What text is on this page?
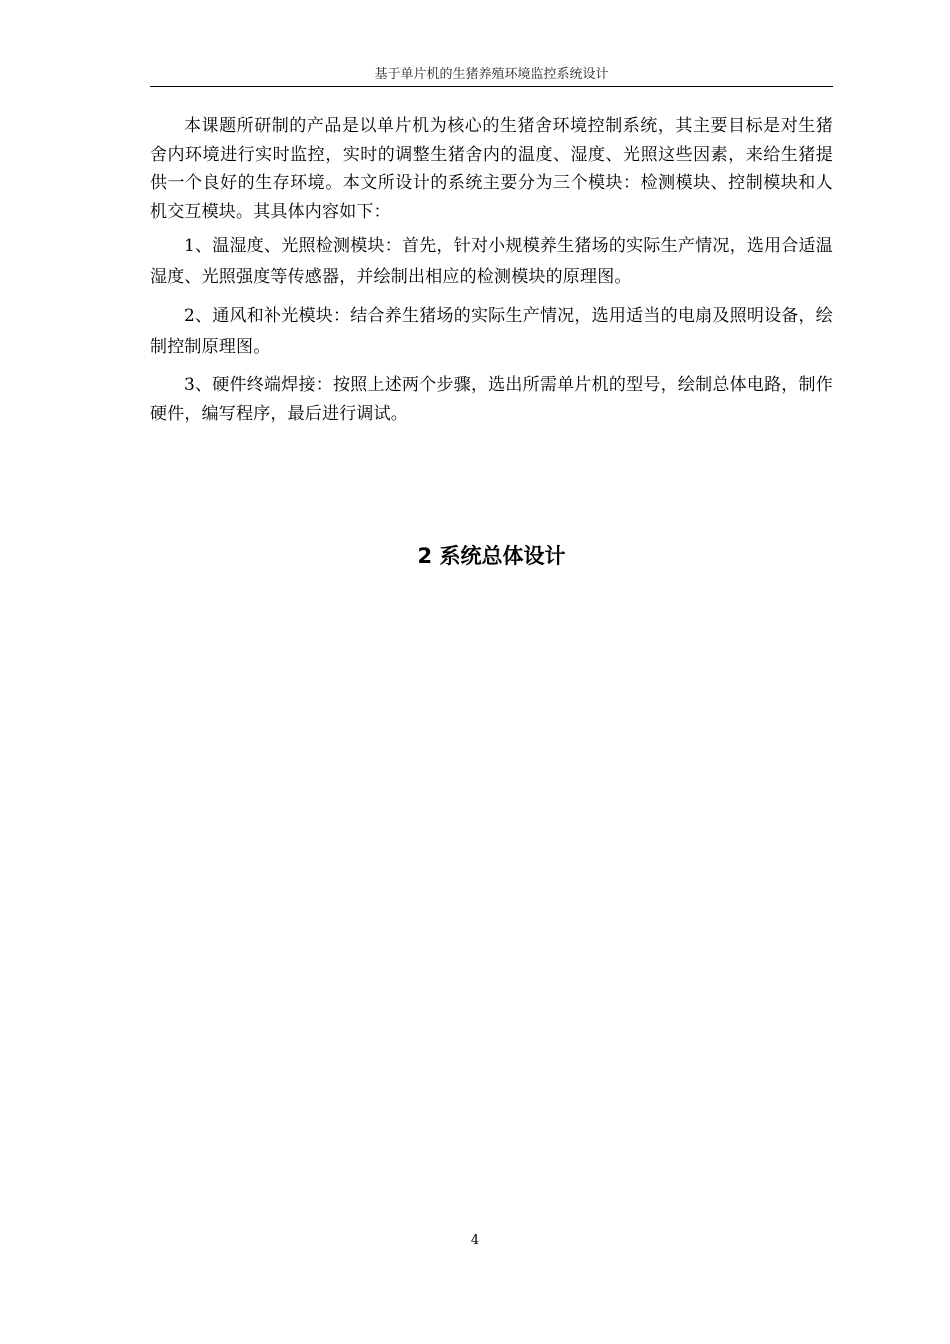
基于单片机的生猪养殖环境监控系统设计

本课题所研制的产品是以单片机为核心的生猪舍环境控制系统，其主要目标是对生猪舍内环境进行实时监控，实时的调整生猪舍内的温度、湿度、光照这些因素，来给生猪提供一个良好的生存环境。本文所设计的系统主要分为三个模块：检测模块、控制模块和人机交互模块。其具体内容如下：

1、温湿度、光照检测模块：首先，针对小规模养生猪场的实际生产情况，选用合适温湿度、光照强度等传感器，并绘制出相应的检测模块的原理图。

2、通风和补光模块：结合养生猪场的实际生产情况，选用适当的电扇及照明设备，绘制控制原理图。

3、硬件终端焊接：按照上述两个步骤，选出所需单片机的型号，绘制总体电路，制作硬件，编写程序，最后进行调试。

2 系统总体设计
4
